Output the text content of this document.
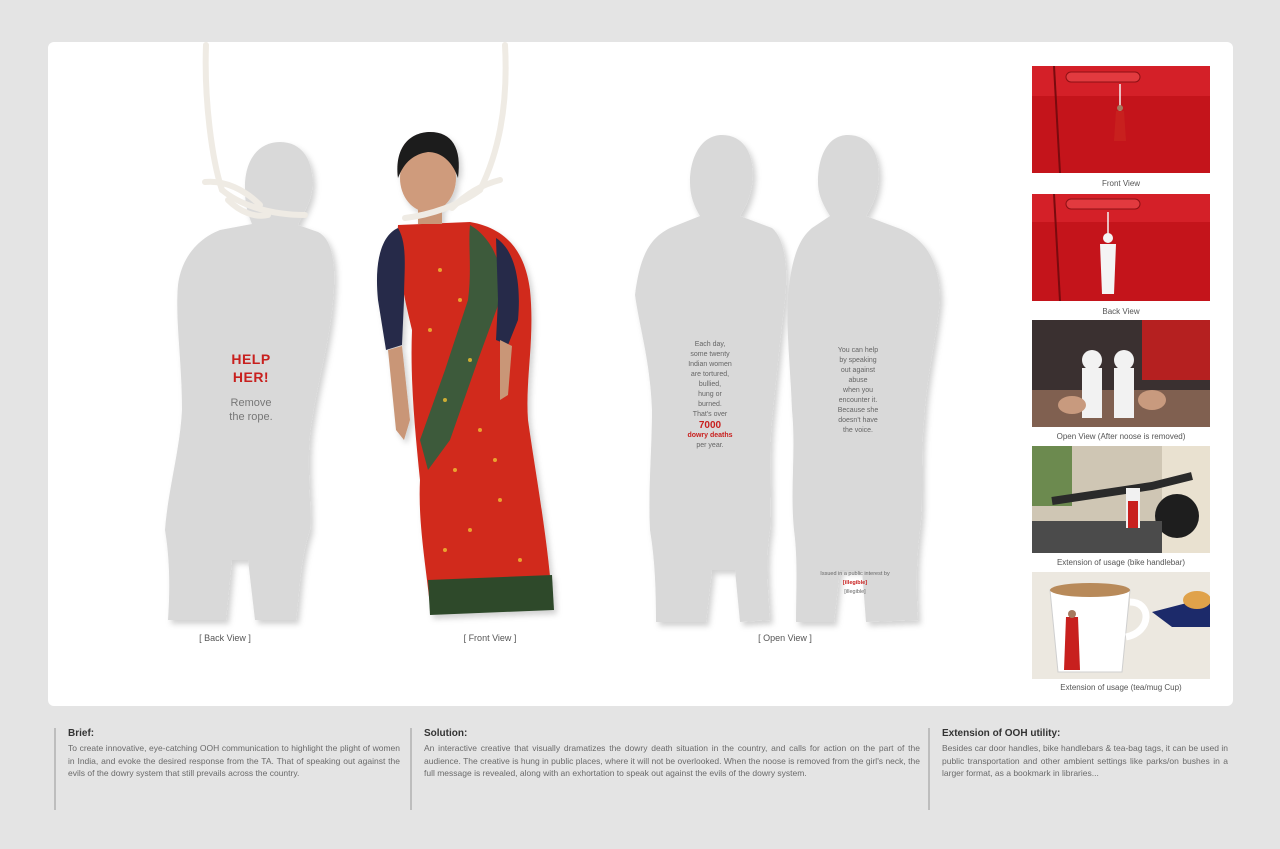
HELP
HER!
Remove
the rope.
Each day,
some twenty
Indian women
are tortured,
bullied,
hung or
burned.
That's over
7000
dowry deaths
per year.
You can help
by speaking
out against
abuse
when you
encounter it.
Because she
doesn't have
the voice.
Issued in a public interest by
[illegible]
[illegible]
[ Back View ]	[ Front View ]	[ Open View ]
Front View
Back View
Open View (After noose is removed)
Extension of usage (bike handlebar)
Extension of usage (tea/mug Cup)
Brief:

To create innovative, eye-catching OOH communication to highlight the plight of women in India, and evoke the desired response from the TA. That of speaking out against the evils of the dowry system that still prevails across the country.

Solution:

An interactive creative that visually dramatizes the dowry death situation in the country, and calls for action on the part of the audience. The creative is hung in public places, where it will not be overlooked. When the noose is removed from the girl's neck, the full message is revealed, along with an exhortation to speak out against the evils of the dowry system.

Extension of OOH utility:

Besides car door handles, bike handlebars & tea-bag tags, it can be used in public transportation and other ambient settings like parks/on bushes in a larger format, as a bookmark in libraries...
